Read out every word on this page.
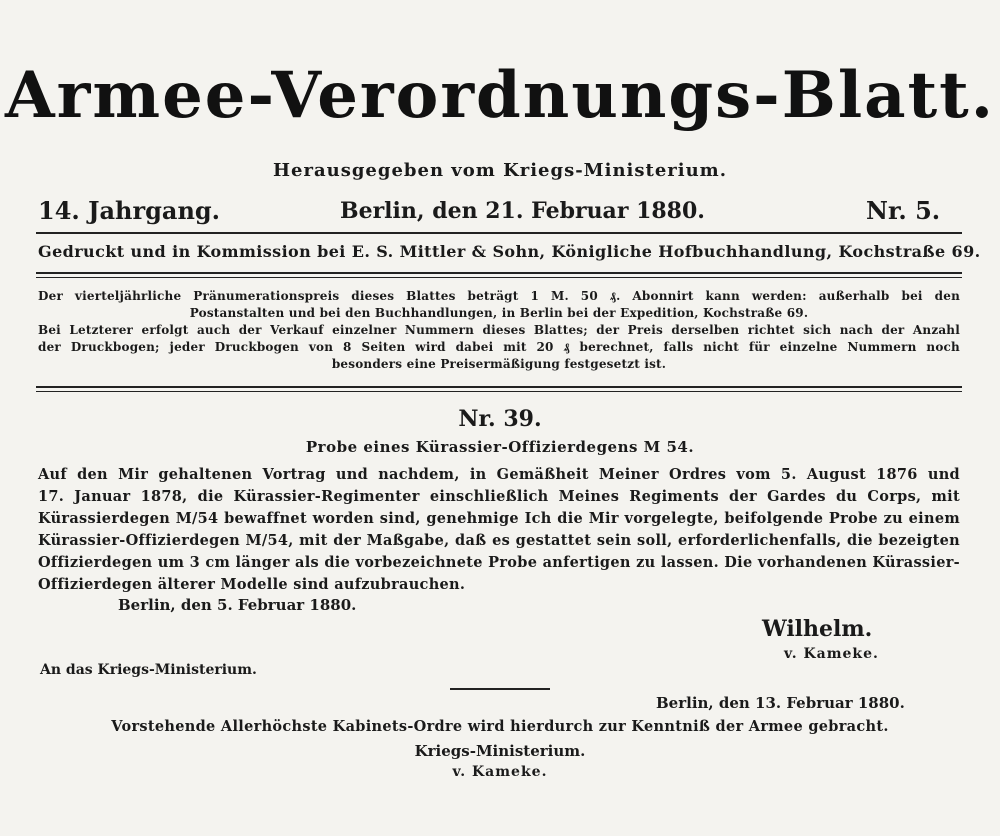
Armee-Verordnungs-Blatt.
Herausgegeben vom Kriegs-Ministerium.
14. Jahrgang.	Berlin, den 21. Februar 1880.	Nr. 5.
Gedruckt und in Kommission bei E. S. Mittler & Sohn, Königliche Hofbuchhandlung, Kochstraße 69.
Der vierteljährliche Pränumerationspreis dieses Blattes beträgt 1 M. 50 ₰. Abonnirt kann werden: außerhalb bei den
Postanstalten und bei den Buchhandlungen, in Berlin bei der Expedition, Kochstraße 69.
Bei Letzterer erfolgt auch der Verkauf einzelner Nummern dieses Blattes; der Preis derselben richtet sich nach der Anzahl
der Druckbogen; jeder Druckbogen von 8 Seiten wird dabei mit 20 ₰ berechnet, falls nicht für einzelne Nummern noch
besonders eine Preisermäßigung festgesetzt ist.
Nr. 39.
Probe eines Kürassier-Offizierdegens M 54.
Auf den Mir gehaltenen Vortrag und nachdem, in Gemäßheit Meiner Ordres vom 5. August 1876 und
17. Januar 1878, die Kürassier-Regimenter einschließlich Meines Regiments der Gardes du Corps, mit
Kürassierdegen M/54 bewaffnet worden sind, genehmige Ich die Mir vorgelegte, beifolgende Probe zu einem
Kürassier-Offizierdegen M/54, mit der Maßgabe, daß es gestattet sein soll, erforderlichenfalls, die bezeigten
Offizierdegen um 3 cm länger als die vorbezeichnete Probe anfertigen zu lassen. Die vorhandenen Kürassier-
Offizierdegen älterer Modelle sind aufzubrauchen.
Berlin, den 5. Februar 1880.
Wilhelm.
v. Kameke.
An das Kriegs-Ministerium.
Berlin, den 13. Februar 1880.
Vorstehende Allerhöchste Kabinets-Ordre wird hierdurch zur Kenntniß der Armee gebracht.
Kriegs-Ministerium.
v. Kameke.
